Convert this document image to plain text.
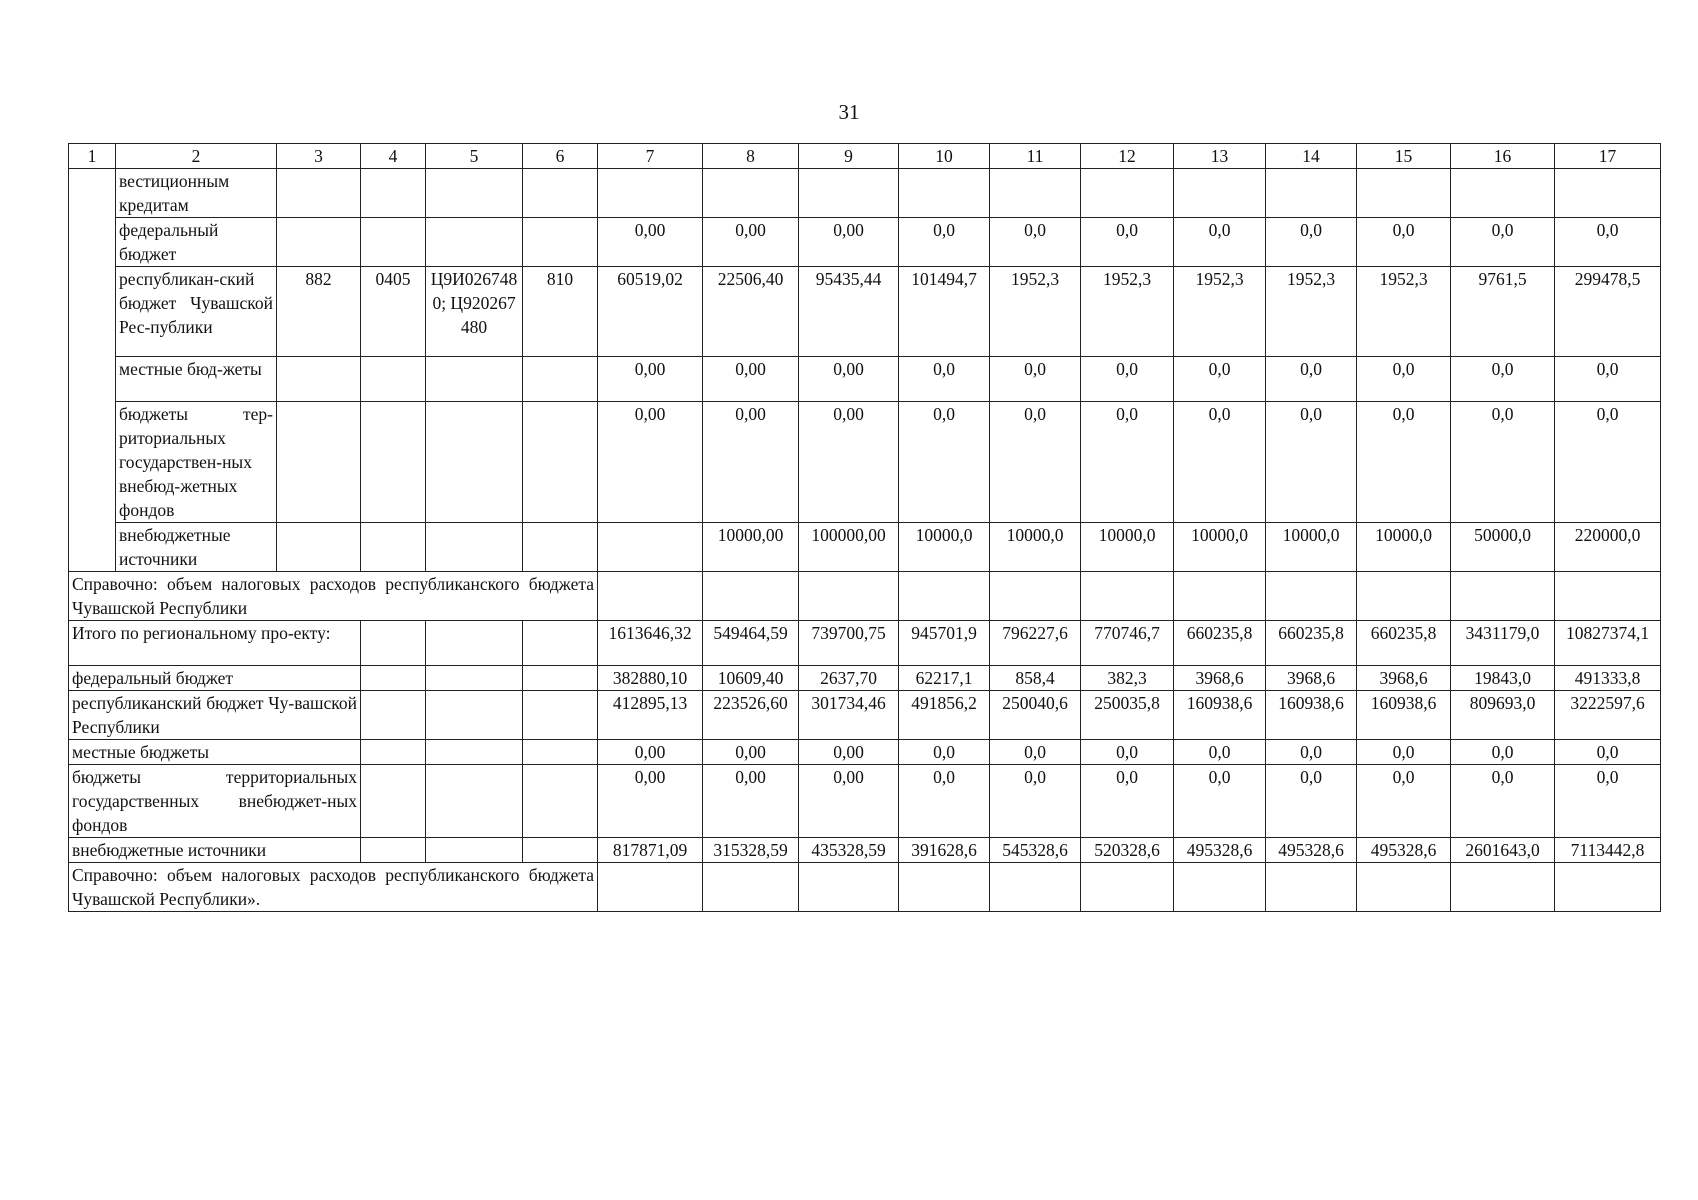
31
1	2	3	4	5	6	7	8	9	10	11	12	13	14	15	16	17
	вестиционным кредитам															
	федеральный бюджет					0,00	0,00	0,00	0,0	0,0	0,0	0,0	0,0	0,0	0,0	0,0
	республикан-ский бюджет Чувашской Рес-публики	882	0405	Ц9И0267480; Ц920267480	810	60519,02	22506,40	95435,44	101494,7	1952,3	1952,3	1952,3	1952,3	1952,3	9761,5	299478,5
	местные бюд-жеты					0,00	0,00	0,00	0,0	0,0	0,0	0,0	0,0	0,0	0,0	0,0
	бюджеты тер-риториальных государствен-ных внебюд-жетных фондов					0,00	0,00	0,00	0,0	0,0	0,0	0,0	0,0	0,0	0,0	0,0
	внебюджетные источники						10000,00	100000,00	10000,0	10000,0	10000,0	10000,0	10000,0	10000,0	50000,0	220000,0
Справочно: объем налоговых расходов республиканского бюджета Чувашской Республики																
Итого по региональному про-екту:						1613646,32	549464,59	739700,75	945701,9	796227,6	770746,7	660235,8	660235,8	660235,8	3431179,0	10827374,1
федеральный бюджет						382880,10	10609,40	2637,70	62217,1	858,4	382,3	3968,6	3968,6	3968,6	19843,0	491333,8
республиканский бюджет Чу-вашской Республики						412895,13	223526,60	301734,46	491856,2	250040,6	250035,8	160938,6	160938,6	160938,6	809693,0	3222597,6
местные бюджеты						0,00	0,00	0,00	0,0	0,0	0,0	0,0	0,0	0,0	0,0	0,0
бюджеты территориальных государственных внебюджет-ных фондов						0,00	0,00	0,00	0,0	0,0	0,0	0,0	0,0	0,0	0,0	0,0
внебюджетные источники						817871,09	315328,59	435328,59	391628,6	545328,6	520328,6	495328,6	495328,6	495328,6	2601643,0	7113442,8
Справочно: объем налоговых расходов республиканского бюджета Чувашской Республики».																
